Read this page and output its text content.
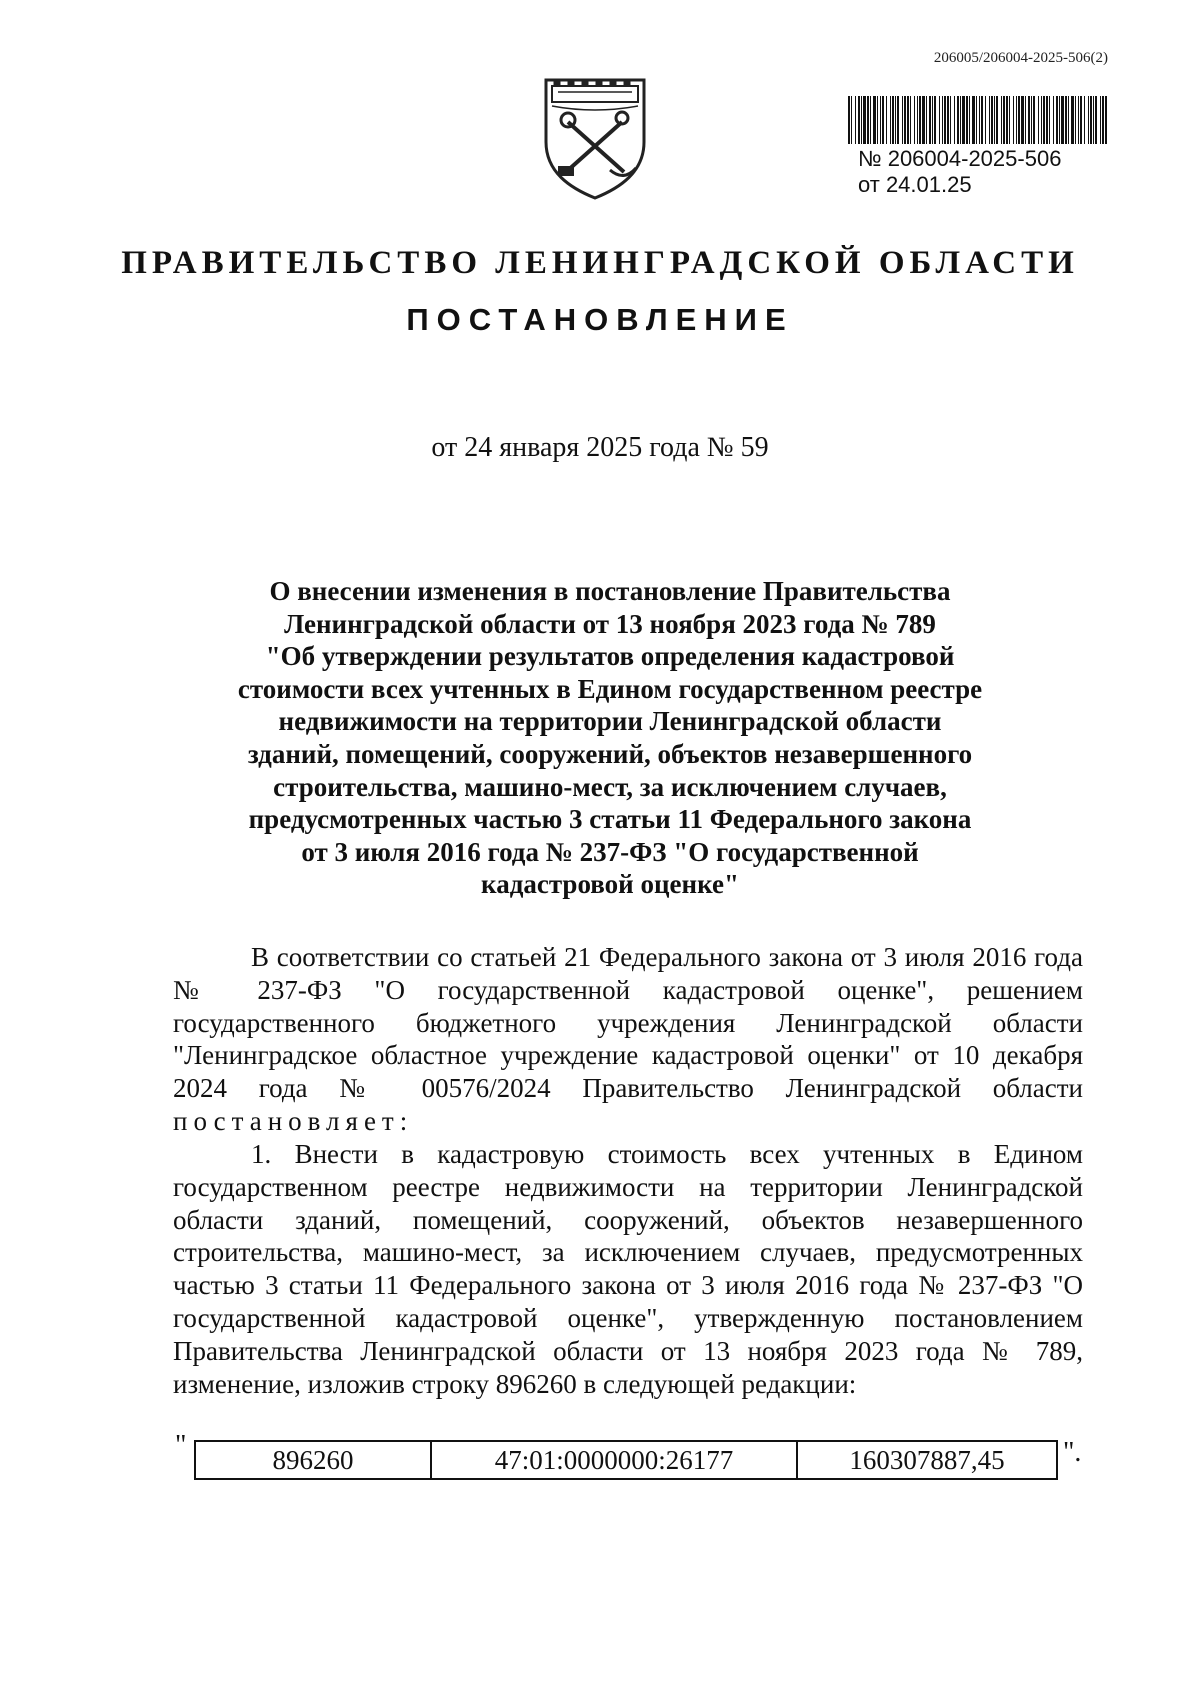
206005/206004-2025-506(2)
№ 206004-2025-506
от 24.01.25
ПРАВИТЕЛЬСТВО ЛЕНИНГРАДСКОЙ ОБЛАСТИ
ПОСТАНОВЛЕНИЕ
от 24 января 2025 года № 59
О внесении изменения в постановление Правительства
Ленинградской области от 13 ноября 2023 года № 789
"Об утверждении результатов определения кадастровой
стоимости всех учтенных в Едином государственном реестре
недвижимости на территории Ленинградской области
зданий, помещений, сооружений, объектов незавершенного
строительства, машино-мест, за исключением случаев,
предусмотренных частью 3 статьи 11 Федерального закона
от 3 июля 2016 года № 237-ФЗ "О государственной
кадастровой оценке"

В соответствии со статьей 21 Федерального закона от 3 июля 2016 года № 237-ФЗ "О государственной кадастровой оценке", решением государственного бюджетного учреждения Ленинградской области "Ленинградское областное учреждение кадастровой оценки" от 10 декабря 2024 года № 00576/2024 Правительство Ленинградской области постановляет:

1. Внести в кадастровую стоимость всех учтенных в Едином государственном реестре недвижимости на территории Ленинградской области зданий, помещений, сооружений, объектов незавершенного строительства, машино-мест, за исключением случаев, предусмотренных частью 3 статьи 11 Федерального закона от 3 июля 2016 года № 237-ФЗ "О государственной кадастровой оценке", утвержденную постановлением Правительства Ленинградской области от 13 ноября 2023 года № 789, изменение, изложив строку 896260 в следующей редакции:

"	896260	47:01:0000000:26177	160307887,45	".
